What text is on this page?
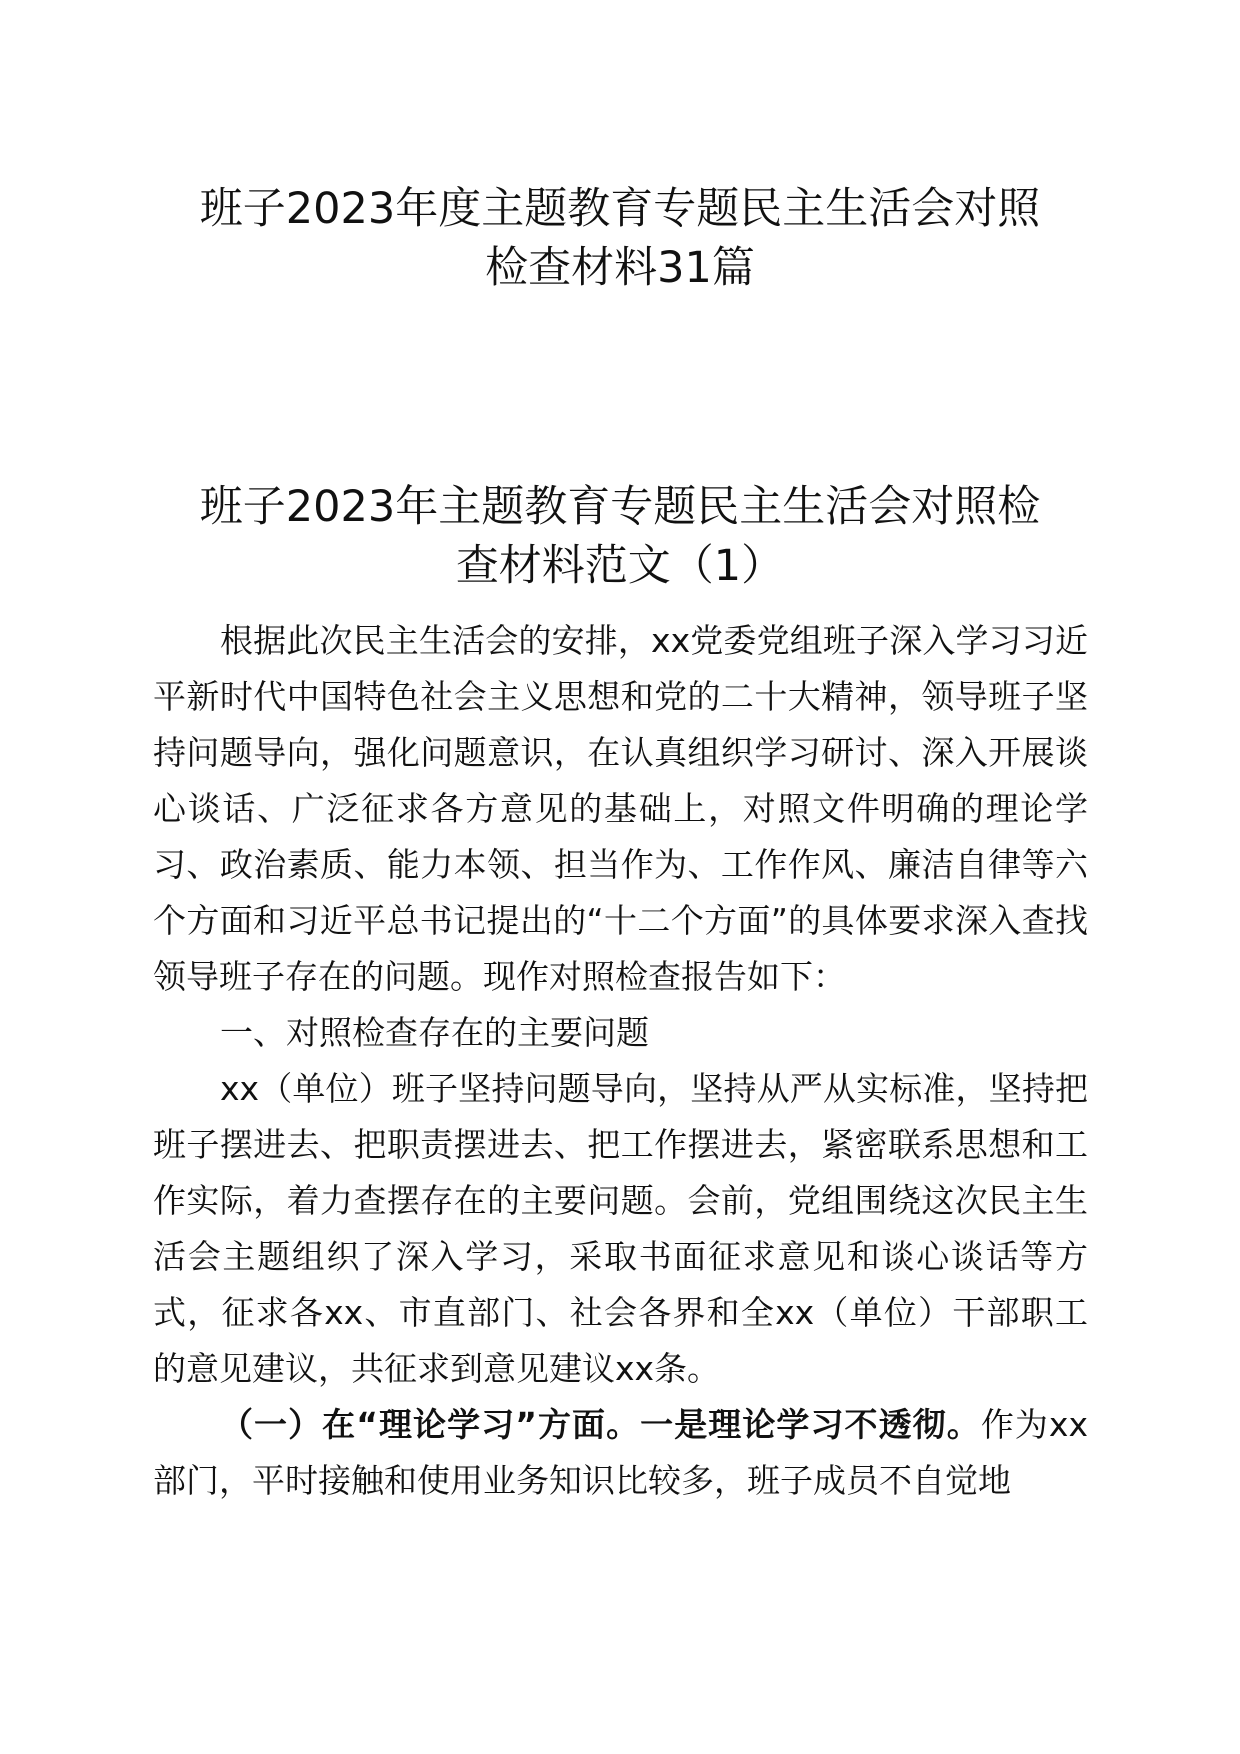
班子2023年度主题教育专题民主生活会对照
检查材料31篇
班子2023年主题教育专题民主生活会对照检
查材料范文（1）

根据此次民主生活会的安排，xx党委党组班子深入学习习近平新时代中国特色社会主义思想和党的二十大精神，领导班子坚持问题导向，强化问题意识，在认真组织学习研讨、深入开展谈心谈话、广泛征求各方意见的基础上，对照文件明确的理论学习、政治素质、能力本领、担当作为、工作作风、廉洁自律等六个方面和习近平总书记提出的“十二个方面”的具体要求深入查找领导班子存在的问题。现作对照检查报告如下：

一、对照检查存在的主要问题

xx（单位）班子坚持问题导向，坚持从严从实标准，坚持把班子摆进去、把职责摆进去、把工作摆进去，紧密联系思想和工作实际，着力查摆存在的主要问题。会前，党组围绕这次民主生活会主题组织了深入学习，采取书面征求意见和谈心谈话等方式，征求各xx、市直部门、社会各界和全xx（单位）干部职工的意见建议，共征求到意见建议xx条。

（一）在“理论学习”方面。一是理论学习不透彻。作为xx部门，平时接触和使用业务知识比较多，班子成员不自觉地
